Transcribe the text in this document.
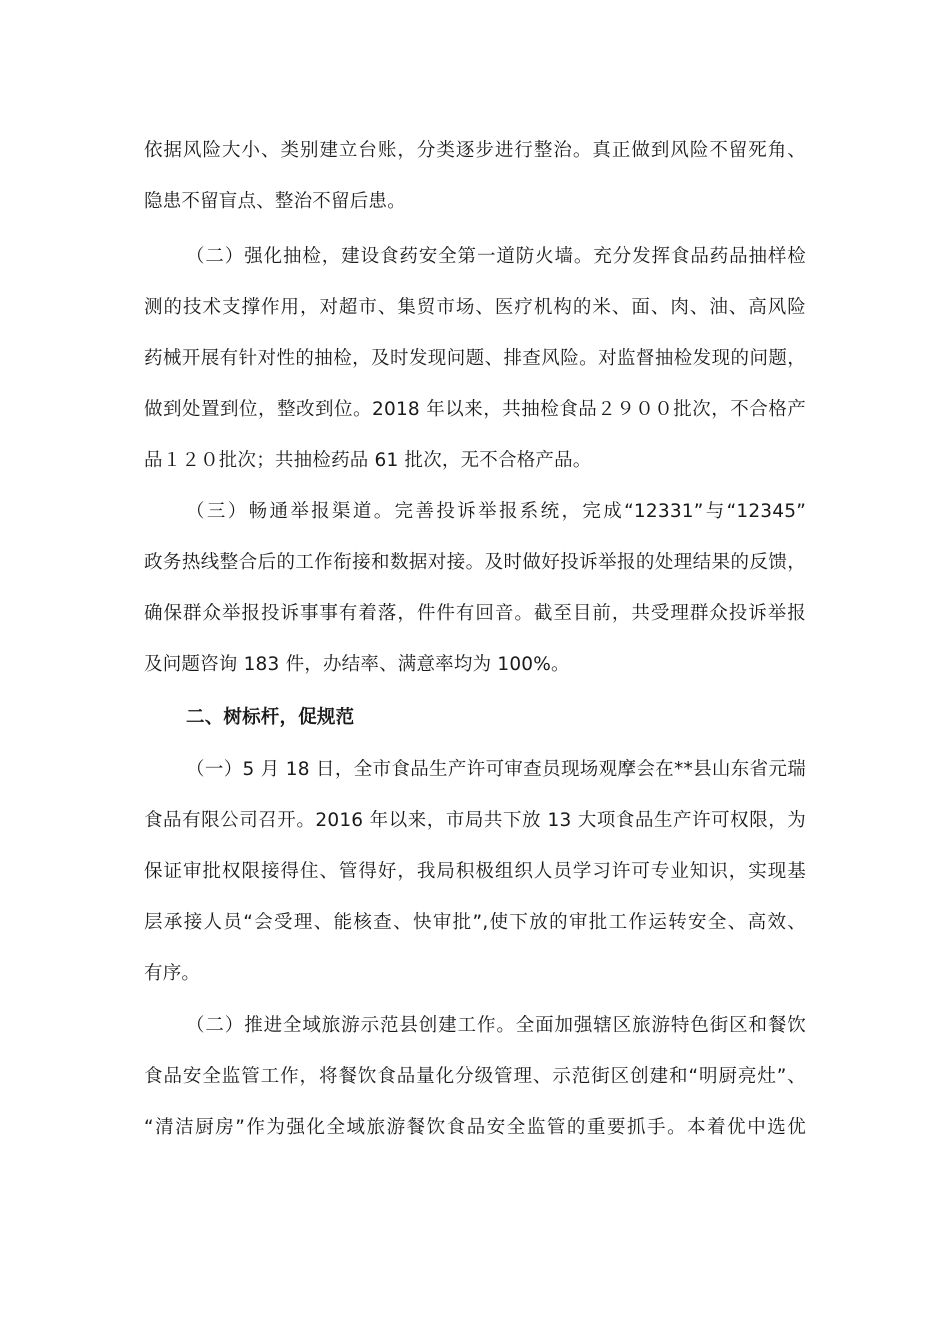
依据风险大小、类别建立台账，分类逐步进行整治。真正做到风险不留死角、
隐患不留盲点、整治不留后患。
（二）强化抽检，建设食药安全第一道防火墙。充分发挥食品药品抽样检
测的技术支撑作用，对超市、集贸市场、医疗机构的米、面、肉、油、高风险
药械开展有针对性的抽检，及时发现问题、排查风险。对监督抽检发现的问题，
做到处置到位，整改到位。2018 年以来，共抽检食品２９００批次，不合格产
品１２０批次；共抽检药品 61 批次，无不合格产品。
（三）畅通举报渠道。完善投诉举报系统，完成“12331”与“12345”
政务热线整合后的工作衔接和数据对接。及时做好投诉举报的处理结果的反馈，
确保群众举报投诉事事有着落，件件有回音。截至目前，共受理群众投诉举报
及问题咨询 183 件，办结率、满意率均为 100%。
二、树标杆，促规范
（一）5 月 18 日，全市食品生产许可审查员现场观摩会在**县山东省元瑞
食品有限公司召开。2016 年以来，市局共下放 13 大项食品生产许可权限，为
保证审批权限接得住、管得好，我局积极组织人员学习许可专业知识，实现基
层承接人员“会受理、能核查、快审批”,使下放的审批工作运转安全、高效、
有序。
（二）推进全域旅游示范县创建工作。全面加强辖区旅游特色街区和餐饮
食品安全监管工作，将餐饮食品量化分级管理、示范街区创建和“明厨亮灶”、
“清洁厨房”作为强化全域旅游餐饮食品安全监管的重要抓手。本着优中选优
